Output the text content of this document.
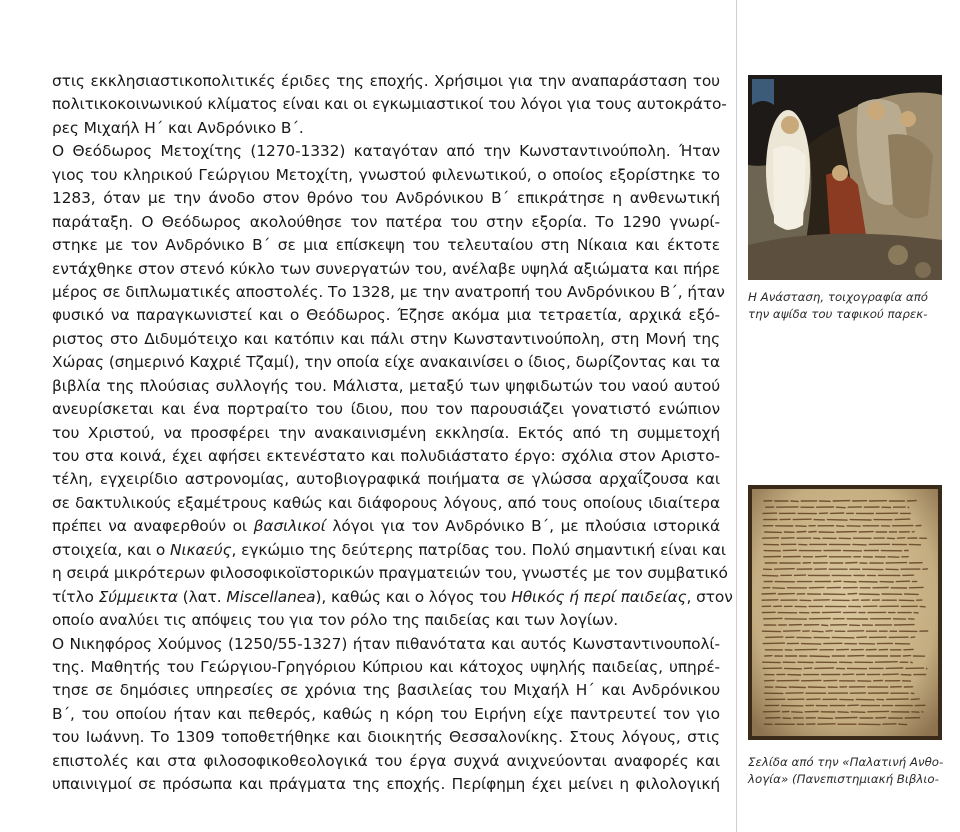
στις εκκλησιαστικοπολιτικές έριδες της εποχής. Χρήσιμοι για την αναπαράσταση του
πολιτικοκοινωνικού κλίματος είναι και οι εγκωμιαστικοί του λόγοι για τους αυτοκράτο-
ρες Μιχαήλ Η΄ και Ανδρόνικο Β΄.
Ο Θεόδωρος Μετοχίτης (1270-1332) καταγόταν από την Κωνσταντινούπολη. Ήταν
γιος του κληρικού Γεώργιου Μετοχίτη, γνωστού φιλενωτικού, ο οποίος εξορίστηκε το
1283, όταν με την άνοδο στον θρόνο του Ανδρόνικου Β΄ επικράτησε η ανθενωτική
παράταξη. Ο Θεόδωρος ακολούθησε τον πατέρα του στην εξορία. Το 1290 γνωρί-
στηκε με τον Ανδρόνικο Β΄ σε μια επίσκεψη του τελευταίου στη Νίκαια και έκτοτε
εντάχθηκε στον στενό κύκλο των συνεργατών του, ανέλαβε υψηλά αξιώματα και πήρε
μέρος σε διπλωματικές αποστολές. Το 1328, με την ανατροπή του Ανδρόνικου Β΄, ήταν
φυσικό να παραγκωνιστεί και ο Θεόδωρος. Έζησε ακόμα μια τετραετία, αρχικά εξό-
ριστος στο Διδυμότειχο και κατόπιν και πάλι στην Κωνσταντινούπολη, στη Μονή της
Χώρας (σημερινό Καχριέ Τζαμί), την οποία είχε ανακαινίσει ο ίδιος, δωρίζοντας και τα
βιβλία της πλούσιας συλλογής του. Μάλιστα, μεταξύ των ψηφιδωτών του ναού αυτού
ανευρίσκεται και ένα πορτραίτο του ίδιου, που τον παρουσιάζει γονατιστό ενώπιον
του Χριστού, να προσφέρει την ανακαινισμένη εκκλησία. Εκτός από τη συμμετοχή
του στα κοινά, έχει αφήσει εκτενέστατο και πολυδιάστατο έργο: σχόλια στον Αριστο-
τέλη, εγχειρίδιο αστρονομίας, αυτοβιογραφικά ποιήματα σε γλώσσα αρχαΐζουσα και
σε δακτυλικούς εξαμέτρους καθώς και διάφορους λόγους, από τους οποίους ιδιαίτερα
πρέπει να αναφερθούν οι βασιλικοί λόγοι για τον Ανδρόνικο Β΄, με πλούσια ιστορικά
στοιχεία, και ο Νικαεύς, εγκώμιο της δεύτερης πατρίδας του. Πολύ σημαντική είναι και
η σειρά μικρότερων φιλοσοφικοϊστορικών πραγματειών του, γνωστές με τον συμβατικό
τίτλο Σύμμεικτα (λατ. Miscellanea), καθώς και ο λόγος του Ηθικός ή περί παιδείας, στον
οποίο αναλύει τις απόψεις του για τον ρόλο της παιδείας και των λογίων.
Ο Νικηφόρος Χούμνος (1250/55-1327) ήταν πιθανότατα και αυτός Κωνσταντινουπολί-
της. Μαθητής του Γεώργιου-Γρηγόριου Κύπριου και κάτοχος υψηλής παιδείας, υπηρέ-
τησε σε δημόσιες υπηρεσίες σε χρόνια της βασιλείας του Μιχαήλ Η΄ και Ανδρόνικου
Β΄, του οποίου ήταν και πεθερός, καθώς η κόρη του Ειρήνη είχε παντρευτεί τον γιο
του Ιωάννη. Το 1309 τοποθετήθηκε και διοικητής Θεσσαλονίκης. Στους λόγους, στις
επιστολές και στα φιλοσοφικοθεολογικά του έργα συχνά ανιχνεύονται αναφορές και
υπαινιγμοί σε πρόσωπα και πράγματα της εποχής. Περίφημη έχει μείνει η φιλολογική
Η Ανάσταση, τοιχογραφία από
την αψίδα του ταφικού παρεκ-
Σελίδα από την «Παλατινή Ανθο-
λογία» (Πανεπιστημιακή Βιβλιο-
